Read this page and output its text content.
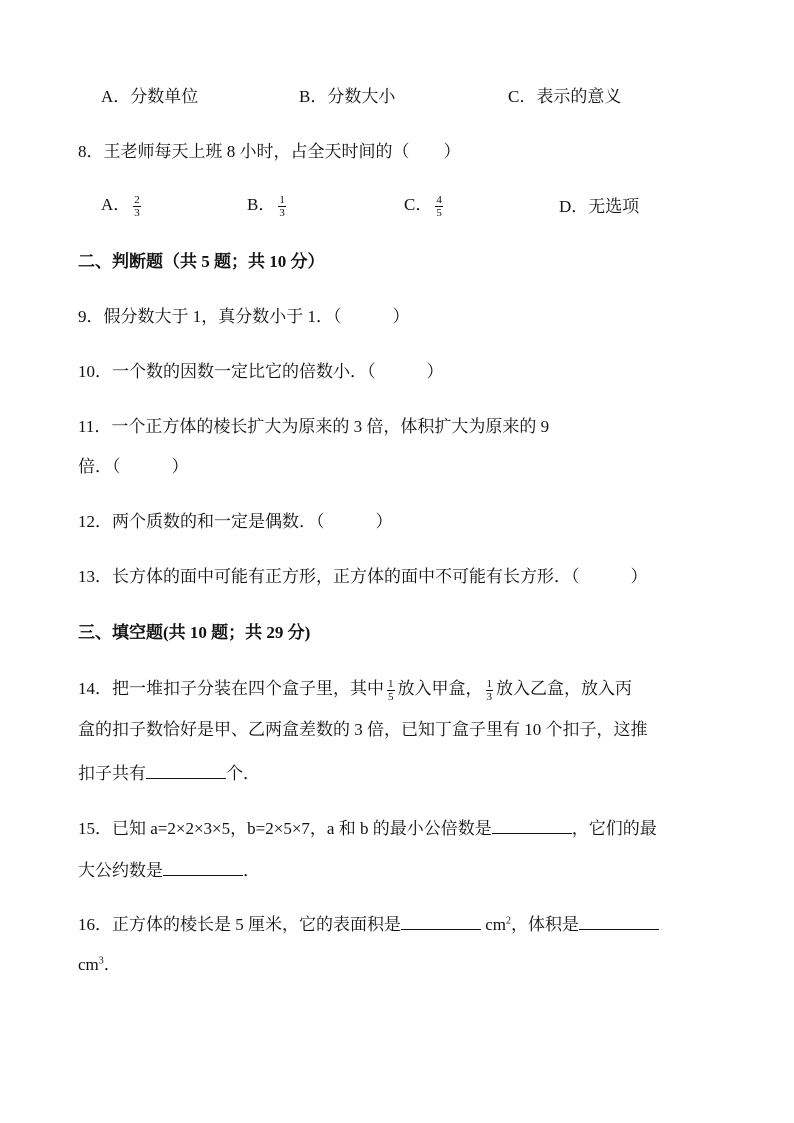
A．分数单位	B．分数大小	C．表示的意义
8．王老师每天上班 8 小时，占全天时间的（　　）
A． $\frac{2}{3}$	B． $\frac{1}{3}$	C． $\frac{4}{5}$	D．无选项
二、判断题（共 5 题；共 10 分）
9．假分数大于 1，真分数小于 1．（　　　）
10．一个数的因数一定比它的倍数小．（　　　）
11．一个正方体的棱长扩大为原来的 3 倍，体积扩大为原来的 9
倍．（　　　）
12．两个质数的和一定是偶数．（　　　）
13．长方体的面中可能有正方形，正方体的面中不可能有长方形．（　　　）
三、填空题(共 10 题；共 29 分)
14．把一堆扣子分装在四个盒子里，其中 $\frac{1}{5}$ 放入甲盒， $\frac{1}{3}$ 放入乙盒，放入丙
盒的扣子数恰好是甲、乙两盒差数的 3 倍，已知丁盒子里有 10 个扣子，这推
扣子共有	个．
15．已知 a=2×2×3×5，b=2×5×7，a 和 b 的最小公倍数是	，它们的最
大公约数是	．
16．正方体的棱长是 5 厘米，它的表面积是	$cm^2$，体积是
$cm^3$．
